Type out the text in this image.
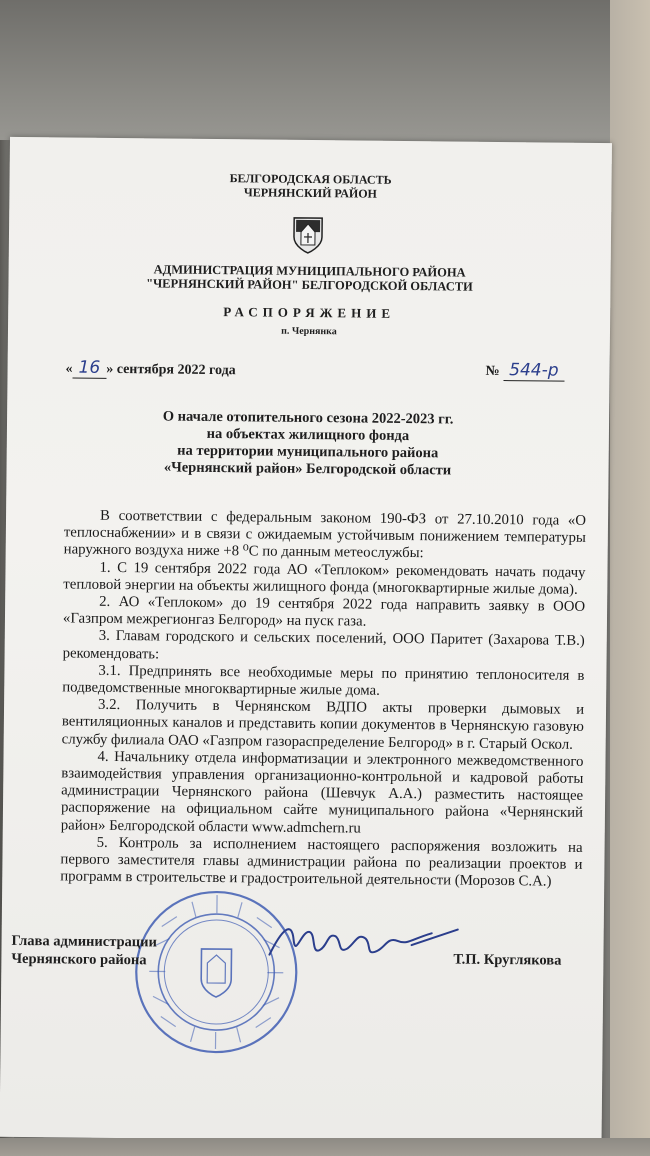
БЕЛГОРОДСКАЯ ОБЛАСТЬ
ЧЕРНЯНСКИЙ РАЙОН
АДМИНИСТРАЦИЯ МУНИЦИПАЛЬНОГО РАЙОНА
"ЧЕРНЯНСКИЙ РАЙОН" БЕЛГОРОДСКОЙ ОБЛАСТИ
РАСПОРЯЖЕНИЕ
п. Чернянка
« 16 » сентября 2022 года	№ 544-р
О начале отопительного сезона 2022-2023 гг.
на объектах жилищного фонда
на территории муниципального района
«Чернянский район» Белгородской области

В соответствии с федеральным законом 190-ФЗ от 27.10.2010 года «О теплоснабжении» и в связи с ожидаемым устойчивым понижением температуры наружного воздуха ниже +8 ⁰С по данным метеослужбы:

1. С 19 сентября 2022 года АО «Теплоком» рекомендовать начать подачу тепловой энергии на объекты жилищного фонда (многоквартирные жилые дома).

2. АО «Теплоком» до 19 сентября 2022 года направить заявку в ООО «Газпром межрегионгаз Белгород» на пуск газа.

3. Главам городского и сельских поселений, ООО Паритет (Захарова Т.В.) рекомендовать:

3.1. Предпринять все необходимые меры по принятию теплоносителя в подведомственные многоквартирные жилые дома.

3.2. Получить в Чернянском ВДПО акты проверки дымовых и вентиляционных каналов и представить копии документов в Чернянскую газовую службу филиала ОАО «Газпром газораспределение Белгород» в г. Старый Оскол.

4. Начальнику отдела информатизации и электронного межведомственного взаимодействия управления организационно-контрольной и кадровой работы администрации Чернянского района (Шевчук А.А.) разместить настоящее распоряжение на официальном сайте муниципального района «Чернянский район» Белгородской области www.admchern.ru

5. Контроль за исполнением настоящего распоряжения возложить на первого заместителя главы администрации района по реализации проектов и программ в строительстве и градостроительной деятельности (Морозов С.А.)

Глава администрации
Чернянского района	Т.П. Круглякова
